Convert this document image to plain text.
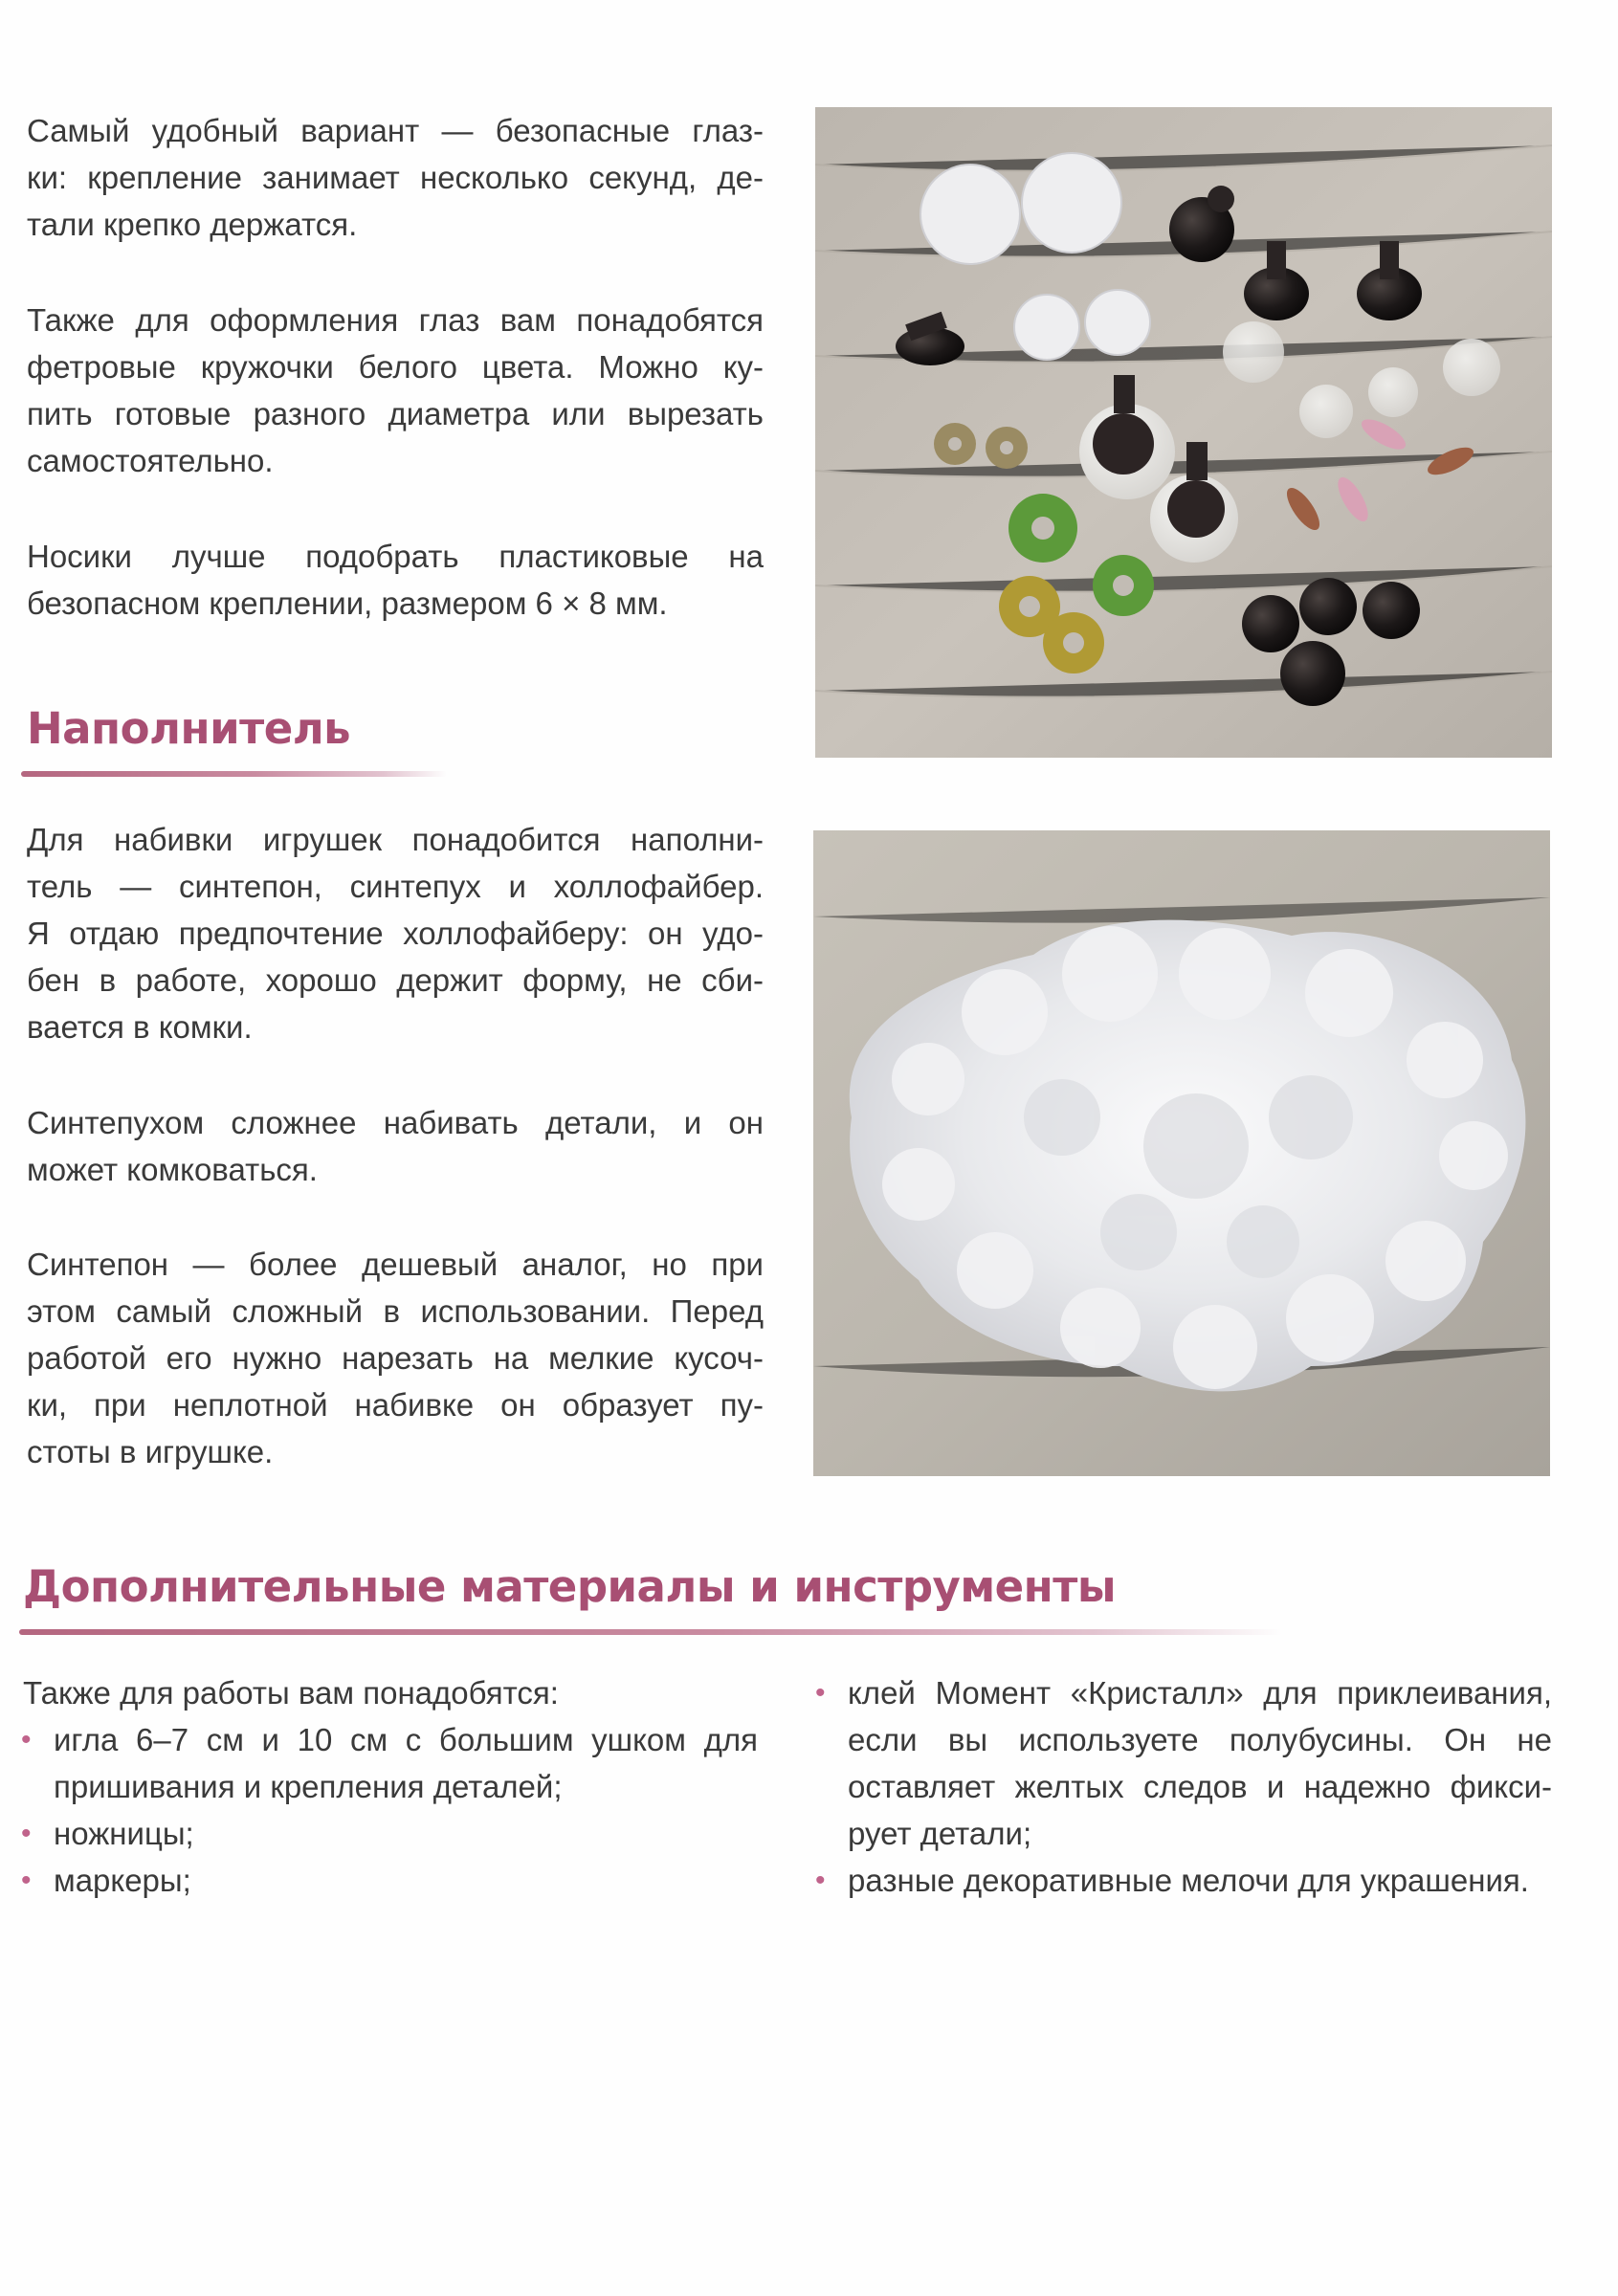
Самый удобный вариант — безопасные глаз-
ки: крепление занимает несколько секунд, де-
тали крепко держатся.

Также для оформления глаз вам понадобятся
фетровые кружочки белого цвета. Можно ку-
пить готовые разного диаметра или вырезать
самостоятельно.

Носики лучше подобрать пластиковые на
безопасном креплении, размером 6 × 8 мм.

Наполнитель

Для набивки игрушек понадобится наполни-
тель — синтепон, синтепух и холлофайбер.
Я отдаю предпочтение холлофайберу: он удо-
бен в работе, хорошо держит форму, не сби-
вается в комки.

Синтепухом сложнее набивать детали, и он
может комковаться.

Синтепон — более дешевый аналог, но при
этом самый сложный в использовании. Перед
работой его нужно нарезать на мелкие кусоч-
ки, при неплотной набивке он образует пу-
стоты в игрушке.

Дополнительные материалы и инструменты
Также для работы вам понадобятся:
• игла 6–7 см и 10 см с большим ушком для
пришивания и крепления деталей;
• ножницы;
• маркеры;
• клей Момент «Кристалл» для приклеивания,
если вы используете полубусины. Он не
оставляет желтых следов и надежно фикси-
рует детали;
• разные декоративные мелочи для украшения.
